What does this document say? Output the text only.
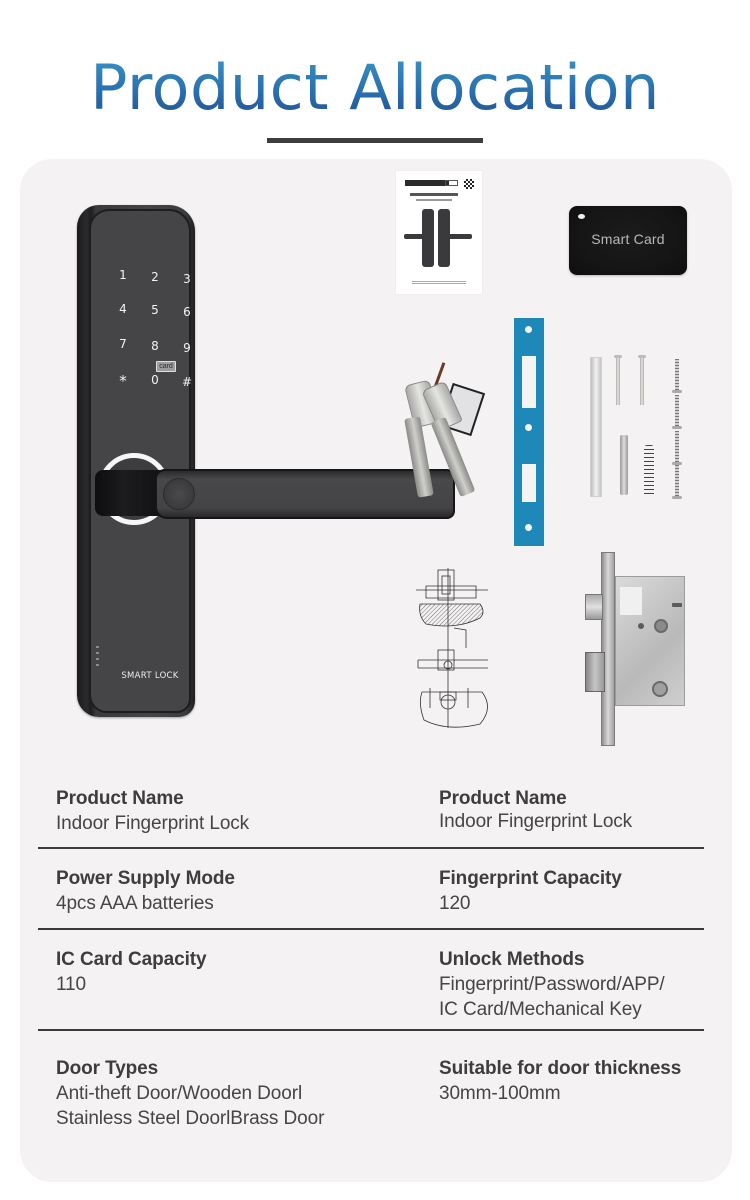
Product Allocation
1	2	3
4	5	6
7	8	9
*	0	#
card
SMART LOCK
Smart Card
Product Name
Indoor Fingerprint Lock
Product Name
Indoor Fingerprint Lock
Power Supply Mode
4pcs AAA batteries
Fingerprint Capacity
120
IC Card Capacity
110
Unlock Methods
Fingerprint/Password/APP/
IC Card/Mechanical Key
Door Types
Anti-theft Door/Wooden Doorl
Stainless Steel DoorlBrass Door
Suitable for door thickness
30mm-100mm
